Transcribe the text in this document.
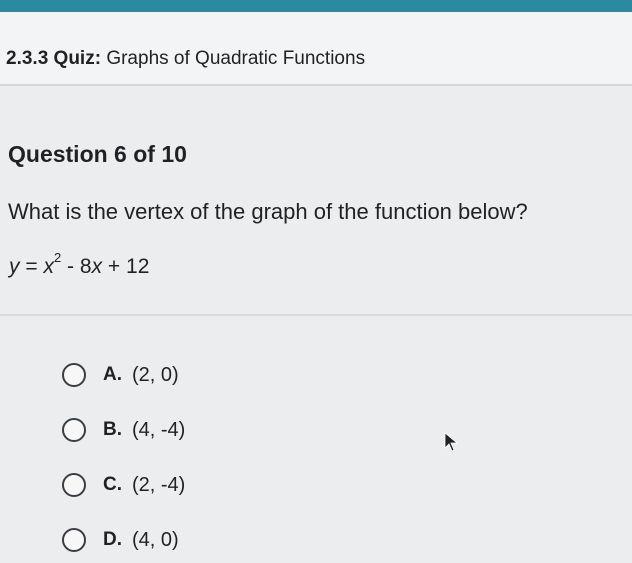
2.3.3 Quiz: Graphs of Quadratic Functions
Question 6 of 10
What is the vertex of the graph of the function below?
$y = x^2 - 8x + 12$
A. (2, 0)
B. (4, -4)
C. (2, -4)
D. (4, 0)
